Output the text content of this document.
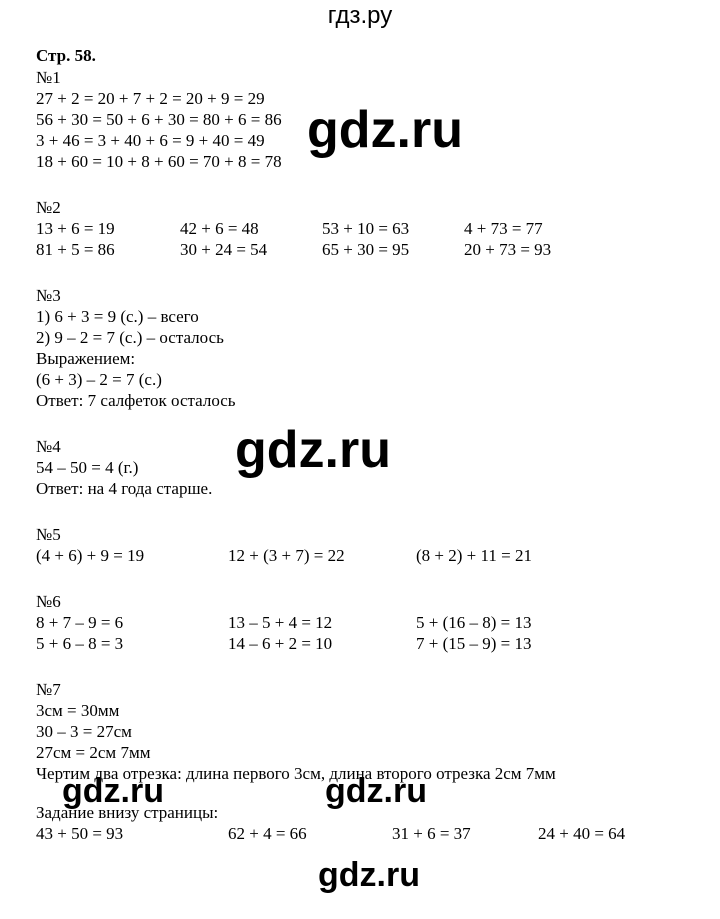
гдз.ру
Стр. 58.
№1
27 + 2 = 20 + 7 + 2 = 20 + 9 = 29
56 + 30 = 50 + 6 + 30 = 80 + 6 = 86
3 + 46 = 3 + 40 + 6 = 9 + 40 = 49
18 + 60 = 10 + 8 + 60 = 70 + 8 = 78
№2
13 + 6 = 19	42 + 6 = 48	53 + 10 = 63	4 + 73 = 77
81 + 5 = 86	30 + 24 = 54	65 + 30 = 95	20 + 73 = 93
№3
1) 6 + 3 = 9 (с.) – всего
2) 9 – 2 = 7 (с.) – осталось
Выражением:
(6 + 3) – 2 = 7 (с.)
Ответ: 7 салфеток осталось
№4
54 – 50 = 4 (г.)
Ответ: на 4 года старше.
№5
(4 + 6) + 9 = 19	12 + (3 + 7) = 22	(8 + 2) + 11 = 21
№6
8 + 7 – 9 = 6	13 – 5 + 4 = 12	5 + (16 – 8) = 13
5 + 6 – 8 = 3	14 – 6 + 2 = 10	7 + (15 – 9) = 13
№7
3см = 30мм
30 – 3 = 27см
27см = 2см 7мм
Чертим два отрезка: длина первого 3см, длина второго отрезка 2см 7мм
gdz.ru
gdz.ru
gdz.ru	gdz.ru
Задание внизу страницы:
43 + 50 = 93	62 + 4 = 66	31 + 6 = 37	24 + 40 = 64
gdz.ru
